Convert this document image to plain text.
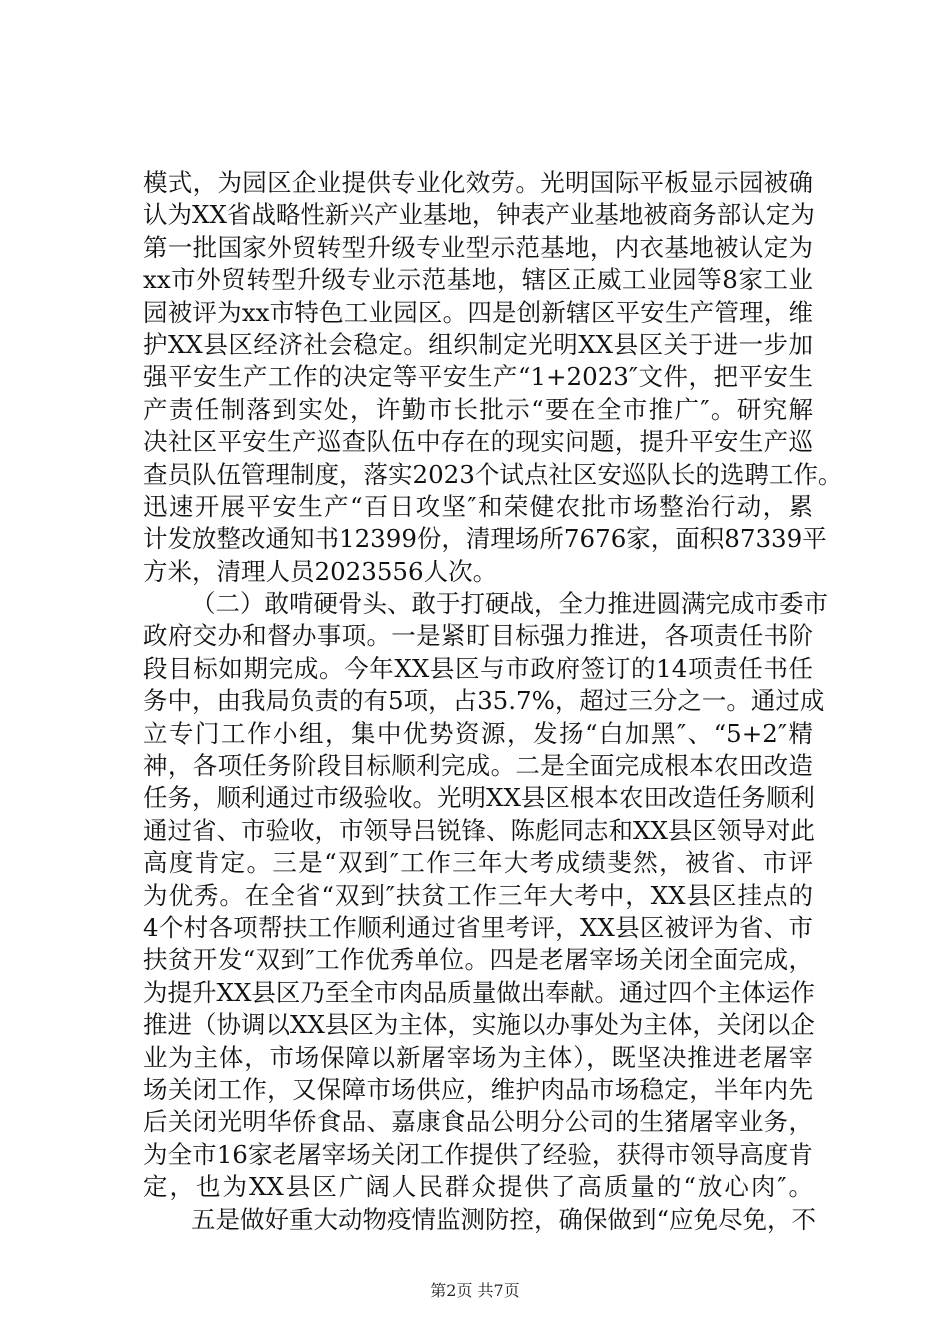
模式，为园区企业提供专业化效劳。光明国际平板显示园被确
认为XX省战略性新兴产业基地，钟表产业基地被商务部认定为
第一批国家外贸转型升级专业型示范基地，内衣基地被认定为
xx市外贸转型升级专业示范基地，辖区正威工业园等8家工业
园被评为xx市特色工业园区。四是创新辖区平安生产管理，维
护XX县区经济社会稳定。组织制定光明XX县区关于进一步加
强平安生产工作的决定等平安生产“1+2023″文件，把平安生
产责任制落到实处，许勤市长批示“要在全市推广″。研究解
决社区平安生产巡查队伍中存在的现实问题，提升平安生产巡
查员队伍管理制度，落实2023个试点社区安巡队长的选聘工作。
迅速开展平安生产“百日攻坚″和荣健农批市场整治行动，累
计发放整改通知书12399份，清理场所7676家，面积87339平
方米，清理人员2023556人次。
（二）敢啃硬骨头、敢于打硬战，全力推进圆满完成市委市
政府交办和督办事项。一是紧盯目标强力推进，各项责任书阶
段目标如期完成。今年XX县区与市政府签订的14项责任书任
务中，由我局负责的有5项，占35.7%，超过三分之一。通过成
立专门工作小组，集中优势资源，发扬“白加黑″、“5+2″精
神，各项任务阶段目标顺利完成。二是全面完成根本农田改造
任务，顺利通过市级验收。光明XX县区根本农田改造任务顺利
通过省、市验收，市领导吕锐锋、陈彪同志和XX县区领导对此
高度肯定。三是“双到″工作三年大考成绩斐然，被省、市评
为优秀。在全省“双到″扶贫工作三年大考中，XX县区挂点的
4个村各项帮扶工作顺利通过省里考评，XX县区被评为省、市
扶贫开发“双到″工作优秀单位。四是老屠宰场关闭全面完成，
为提升XX县区乃至全市肉品质量做出奉献。通过四个主体运作
推进（协调以XX县区为主体，实施以办事处为主体，关闭以企
业为主体，市场保障以新屠宰场为主体），既坚决推进老屠宰
场关闭工作，又保障市场供应，维护肉品市场稳定，半年内先
后关闭光明华侨食品、嘉康食品公明分公司的生猪屠宰业务，
为全市16家老屠宰场关闭工作提供了经验，获得市领导高度肯
定，也为XX县区广阔人民群众提供了高质量的“放心肉″。
五是做好重大动物疫情监测防控，确保做到“应免尽免，不
第2页 共7页
